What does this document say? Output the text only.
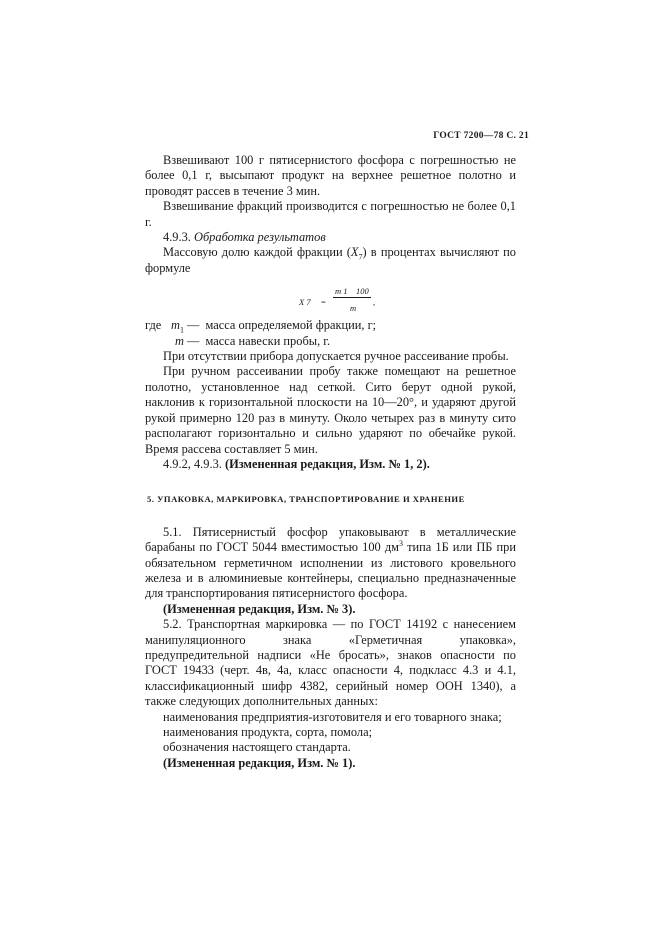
ГОСТ 7200—78 С. 21

Взвешивают 100 г пятисернистого фосфора с погрешностью не более 0,1 г, высыпают продукт на верхнее решетное полотно и проводят рассев в течение 3 мин.

Взвешивание фракций производится с погрешностью не более 0,1 г.

4.9.3. Обработка результатов

Массовую долю каждой фракции $(X_7)$ в процентах вычисляют по формуле

X 7 =
m 1    100
m
,
где $m_1$ — масса определяемой фракции, г;
m — масса навески пробы, г.

При отсутствии прибора допускается ручное рассеивание пробы.

При ручном рассеивании пробу также помещают на решетное полотно, установленное над сеткой. Сито берут одной рукой, наклонив к горизонтальной плоскости на 10—20°, и ударяют другой рукой примерно 120 раз в минуту. Около четырех раз в минуту сито располагают горизонтально и сильно ударяют по обечайке рукой. Время рассева составляет 5 мин.

4.9.2, 4.9.3. (Измененная редакция, Изм. № 1, 2).

5. УПАКОВКА, МАРКИРОВКА, ТРАНСПОРТИРОВАНИЕ И ХРАНЕНИЕ

5.1. Пятисернистый фосфор упаковывают в металлические барабаны по ГОСТ 5044 вместимостью 100 $дм^3$ типа 1Б или ПБ при обязательном герметичном исполнении из листового кровельного железа и в алюминиевые контейнеры, специально предназначенные для транспортирования пятисернистого фосфора.

(Измененная редакция, Изм. № 3).

5.2. Транспортная маркировка — по ГОСТ 14192 с нанесением манипуляционного знака «Герметичная упаковка», предупредительной надписи «Не бросать», знаков опасности по ГОСТ 19433 (черт. 4в, 4а, класс опасности 4, подкласс 4.3 и 4.1, классификационный шифр 4382, серийный номер ООН 1340), а также следующих дополнительных данных:

наименования предприятия-изготовителя и его товарного знака;

наименования продукта, сорта, помола;

обозначения настоящего стандарта.

(Измененная редакция, Изм. № 1).
